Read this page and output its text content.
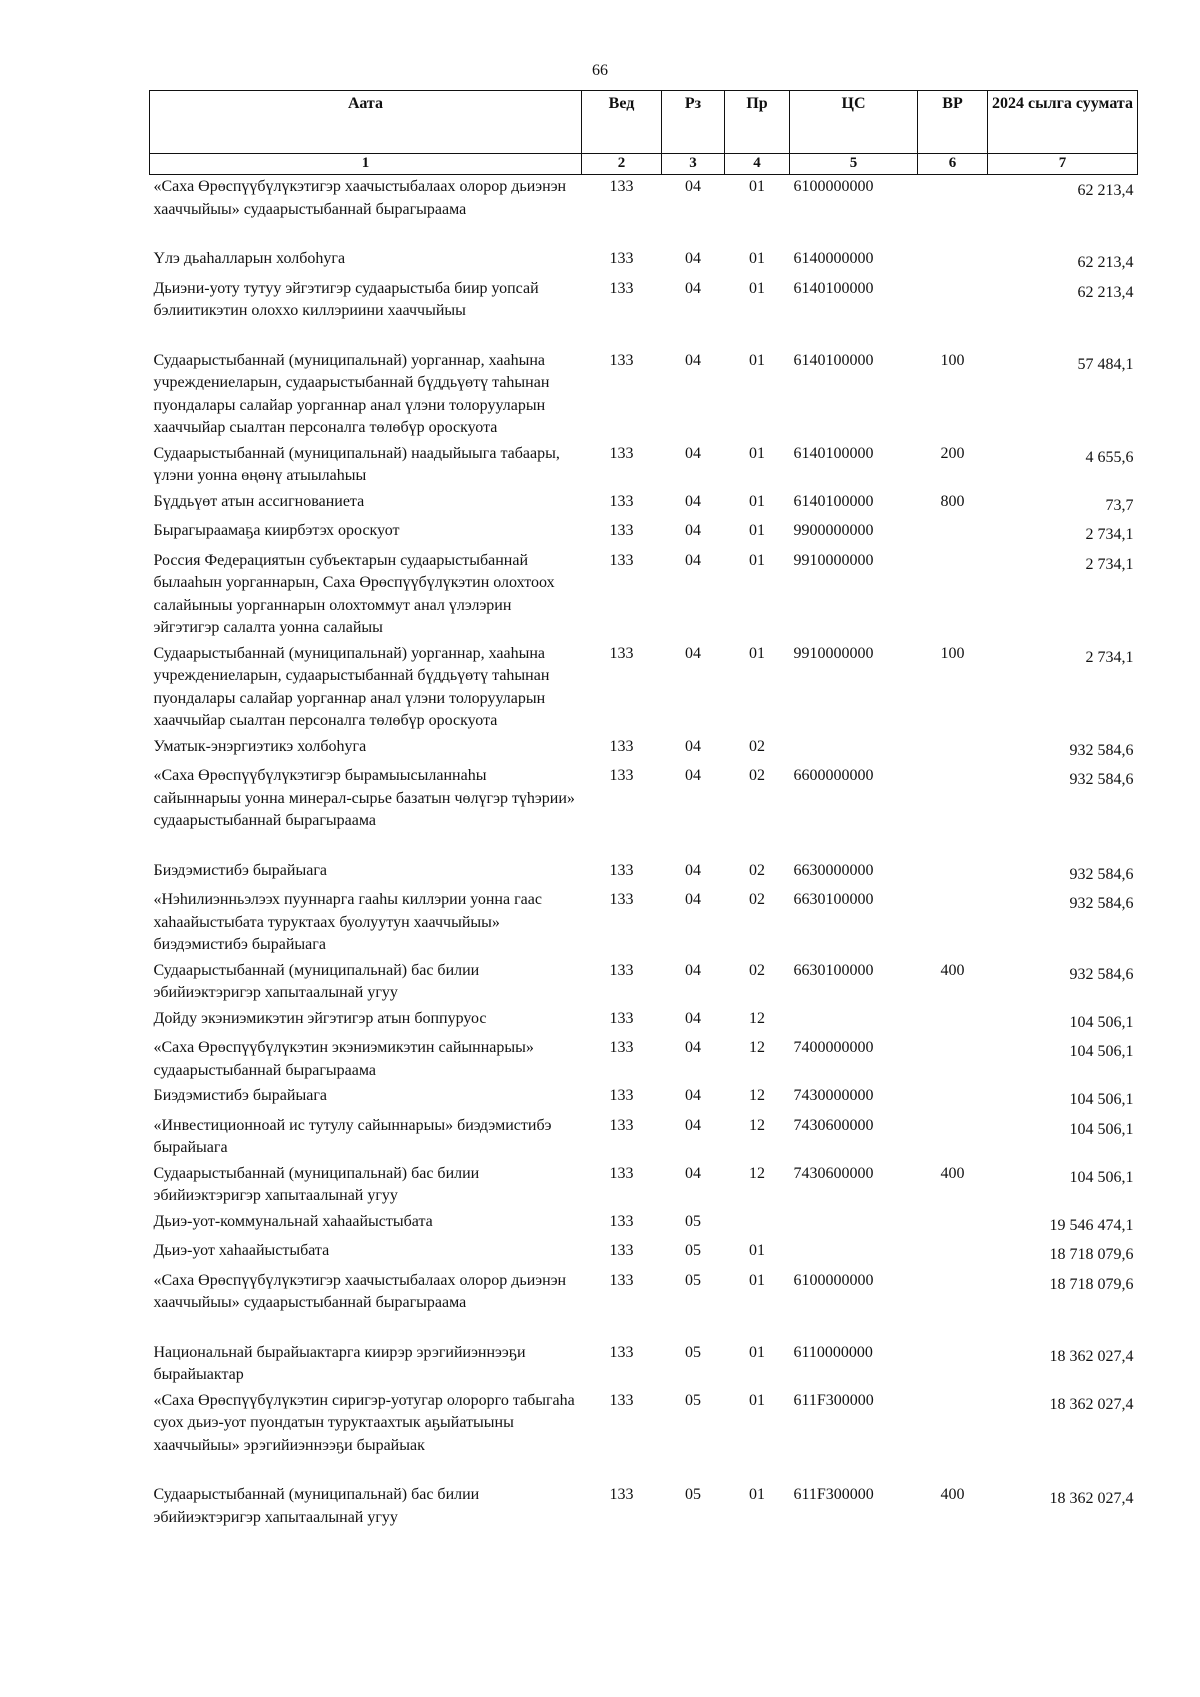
66
Аата	Вед	Рз	Пр	ЦС	ВР	2024 сылга суумата
1	2	3	4	5	6	7
«Саха Өрөспүүбүлүкэтигэр хаачыстыбалаах олорор дьиэнэн хааччыйыы» судаарыстыбаннай бырагыраама	133	04	01	6100000000		62 213,4
Үлэ дьаһалларын холбоһуга	133	04	01	6140000000		62 213,4
Дьиэни-уоту тутуу эйгэтигэр судаарыстыба биир уопсай бэлиитикэтин олоххо киллэриини хааччыйыы	133	04	01	6140100000		62 213,4
Судаарыстыбаннай (муниципальнай) уорганнар, хааһына учреждениеларын, судаарыстыбаннай бүддьүөтү таһынан пуондалары салайар уорганнар анал үлэни толорууларын хааччыйар сыалтан персоналга төлөбүр ороскуота	133	04	01	6140100000	100	57 484,1
Судаарыстыбаннай (муниципальнай) наадыйыыга табаары, үлэни уонна өңөнү атыылаһыы	133	04	01	6140100000	200	4 655,6
Бүддьүөт атын ассигнованиета	133	04	01	6140100000	800	73,7
Бырагыраамаҕа киирбэтэх ороскуот	133	04	01	9900000000		2 734,1
Россия Федерациятын субъектарын судаарыстыбаннай былааһын уорганнарын, Саха Өрөспүүбүлүкэтин олохтоох салайыныы уорганнарын олохтоммут анал үлэлэрин эйгэтигэр салалта уонна салайыы	133	04	01	9910000000		2 734,1
Судаарыстыбаннай (муниципальнай) уорганнар, хааһына учреждениеларын, судаарыстыбаннай бүддьүөтү таһынан пуондалары салайар уорганнар анал үлэни толорууларын хааччыйар сыалтан персоналга төлөбүр ороскуота	133	04	01	9910000000	100	2 734,1
Уматык-энэргиэтикэ холбоһуга	133	04	02			932 584,6
«Саха Өрөспүүбүлүкэтигэр бырамыысыланнаһы сайыннарыы уонна минерал-сырье базатын чөлүгэр түһэрии» судаарыстыбаннай бырагыраама	133	04	02	6600000000		932 584,6
Биэдэмистибэ бырайыага	133	04	02	6630000000		932 584,6
«Нэһилиэнньэлээх пууннарга гааһы киллэрии уонна гаас хаһаайыстыбата туруктаах буолуутун хааччыйыы» биэдэмистибэ бырайыага	133	04	02	6630100000		932 584,6
Судаарыстыбаннай (муниципальнай) бас билии эбийиэктэригэр хапытаалынай угуу	133	04	02	6630100000	400	932 584,6
Дойду экэниэмикэтин эйгэтигэр атын боппуруос	133	04	12			104 506,1
«Саха Өрөспүүбүлүкэтин экэниэмикэтин сайыннарыы» судаарыстыбаннай бырагыраама	133	04	12	7400000000		104 506,1
Биэдэмистибэ бырайыага	133	04	12	7430000000		104 506,1
«Инвестиционноай ис тутулу сайыннарыы» биэдэмистибэ бырайыага	133	04	12	7430600000		104 506,1
Судаарыстыбаннай (муниципальнай) бас билии эбийиэктэригэр хапытаалынай угуу	133	04	12	7430600000	400	104 506,1
Дьиэ-уот-коммунальнай хаһаайыстыбата	133	05				19 546 474,1
Дьиэ-уот хаһаайыстыбата	133	05	01			18 718 079,6
«Саха Өрөспүүбүлүкэтигэр хаачыстыбалаах олорор дьиэнэн хааччыйыы» судаарыстыбаннай бырагыраама	133	05	01	6100000000		18 718 079,6
Национальнай бырайыактарга киирэр эрэгийиэннээҕи бырайыактар	133	05	01	6110000000		18 362 027,4
«Саха Өрөспүүбүлүкэтин сиригэр-уотугар олорорго табыгаһа суох дьиэ-уот пуондатын туруктаахтык аҕыйатыыны хааччыйыы» эрэгийиэннээҕи бырайыак	133	05	01	611F300000		18 362 027,4
Судаарыстыбаннай (муниципальнай) бас билии эбийиэктэригэр хапытаалынай угуу	133	05	01	611F300000	400	18 362 027,4
